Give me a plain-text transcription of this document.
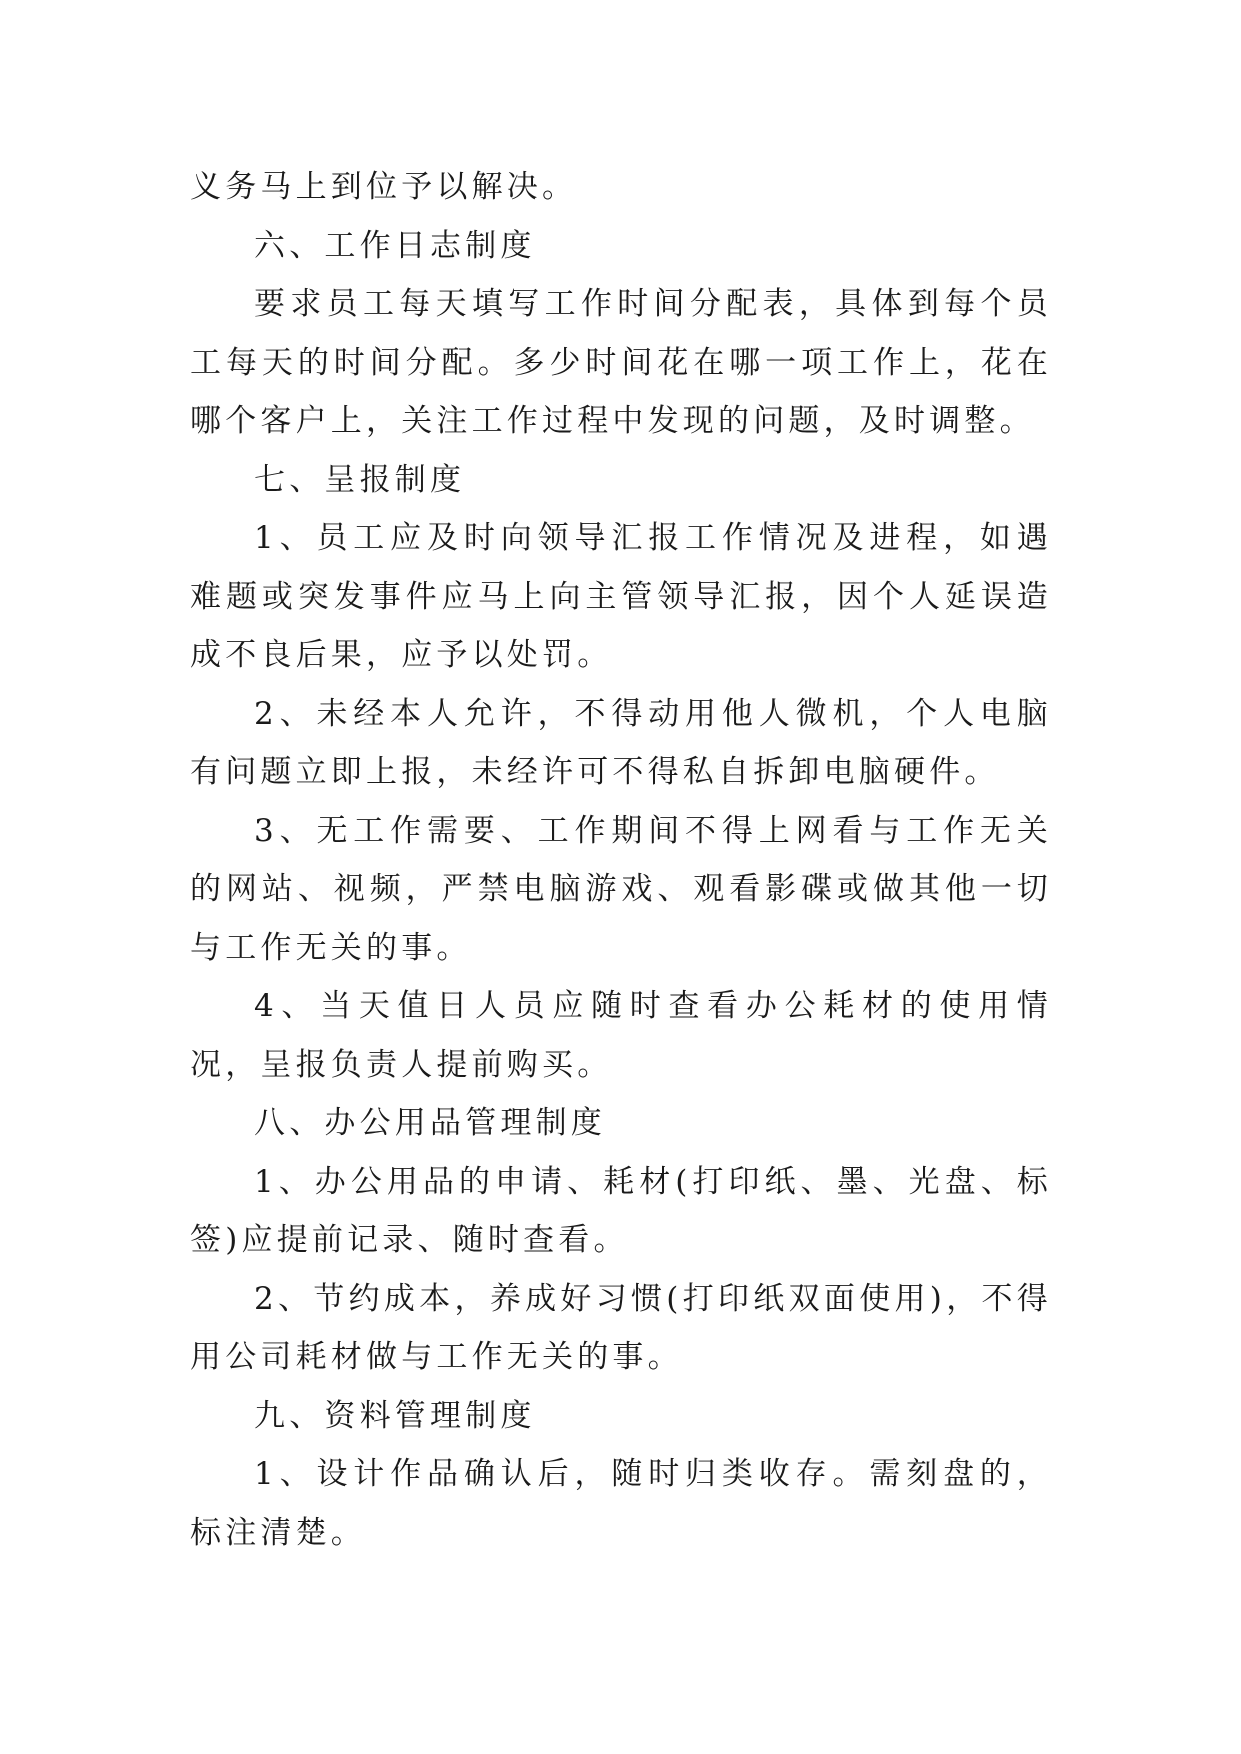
义务马上到位予以解决。

六、工作日志制度

要求员工每天填写工作时间分配表，具体到每个员工每天的时间分配。多少时间花在哪一项工作上，花在哪个客户上，关注工作过程中发现的问题，及时调整。

七、呈报制度

1、员工应及时向领导汇报工作情况及进程，如遇难题或突发事件应马上向主管领导汇报，因个人延误造成不良后果，应予以处罚。

2、未经本人允许，不得动用他人微机，个人电脑有问题立即上报，未经许可不得私自拆卸电脑硬件。

3、无工作需要、工作期间不得上网看与工作无关的网站、视频，严禁电脑游戏、观看影碟或做其他一切与工作无关的事。

4、当天值日人员应随时查看办公耗材的使用情况，呈报负责人提前购买。

八、办公用品管理制度

1、办公用品的申请、耗材(打印纸、墨、光盘、标签)应提前记录、随时查看。

2、节约成本，养成好习惯(打印纸双面使用)，不得用公司耗材做与工作无关的事。

九、资料管理制度

1、设计作品确认后，随时归类收存。需刻盘的，标注清楚。
